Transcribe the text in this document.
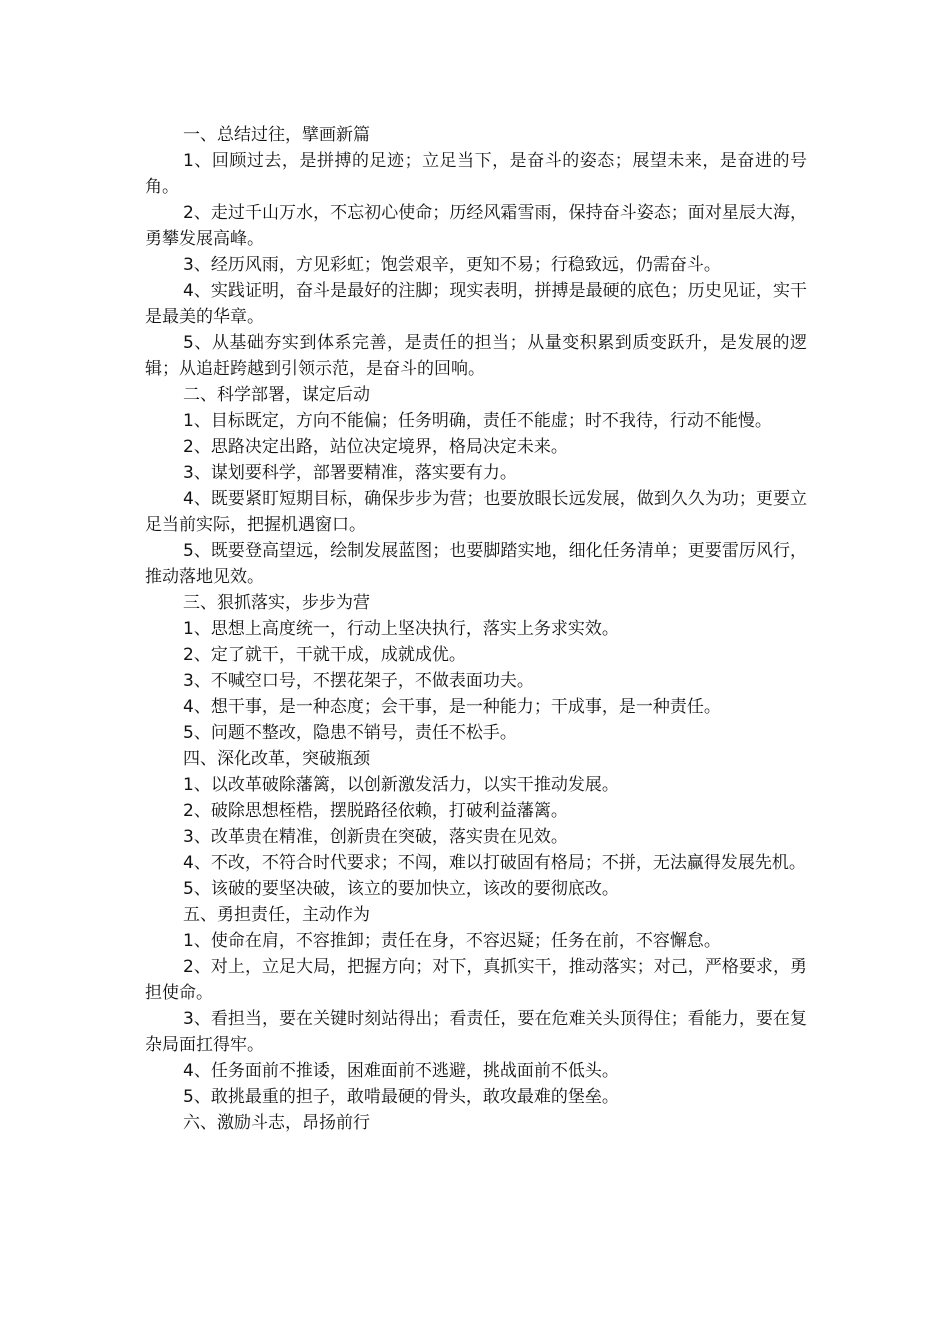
一、总结过往，擘画新篇

1、回顾过去，是拼搏的足迹；立足当下，是奋斗的姿态；展望未来，是奋进的号角。

2、走过千山万水，不忘初心使命；历经风霜雪雨，保持奋斗姿态；面对星辰大海，勇攀发展高峰。

3、经历风雨，方见彩虹；饱尝艰辛，更知不易；行稳致远，仍需奋斗。

4、实践证明，奋斗是最好的注脚；现实表明，拼搏是最硬的底色；历史见证，实干是最美的华章。

5、从基础夯实到体系完善，是责任的担当；从量变积累到质变跃升，是发展的逻辑；从追赶跨越到引领示范，是奋斗的回响。

二、科学部署，谋定后动

1、目标既定，方向不能偏；任务明确，责任不能虚；时不我待，行动不能慢。

2、思路决定出路，站位决定境界，格局决定未来。

3、谋划要科学，部署要精准，落实要有力。

4、既要紧盯短期目标，确保步步为营；也要放眼长远发展，做到久久为功；更要立足当前实际，把握机遇窗口。

5、既要登高望远，绘制发展蓝图；也要脚踏实地，细化任务清单；更要雷厉风行，推动落地见效。

三、狠抓落实，步步为营

1、思想上高度统一，行动上坚决执行，落实上务求实效。

2、定了就干，干就干成，成就成优。

3、不喊空口号，不摆花架子，不做表面功夫。

4、想干事，是一种态度；会干事，是一种能力；干成事，是一种责任。

5、问题不整改，隐患不销号，责任不松手。

四、深化改革，突破瓶颈

1、以改革破除藩篱，以创新激发活力，以实干推动发展。

2、破除思想桎梏，摆脱路径依赖，打破利益藩篱。

3、改革贵在精准，创新贵在突破，落实贵在见效。

4、不改，不符合时代要求；不闯，难以打破固有格局；不拼，无法赢得发展先机。

5、该破的要坚决破，该立的要加快立，该改的要彻底改。

五、勇担责任，主动作为

1、使命在肩，不容推卸；责任在身，不容迟疑；任务在前，不容懈怠。

2、对上，立足大局，把握方向；对下，真抓实干，推动落实；对己，严格要求，勇担使命。

3、看担当，要在关键时刻站得出；看责任，要在危难关头顶得住；看能力，要在复杂局面扛得牢。

4、任务面前不推诿，困难面前不逃避，挑战面前不低头。

5、敢挑最重的担子，敢啃最硬的骨头，敢攻最难的堡垒。

六、激励斗志，昂扬前行
